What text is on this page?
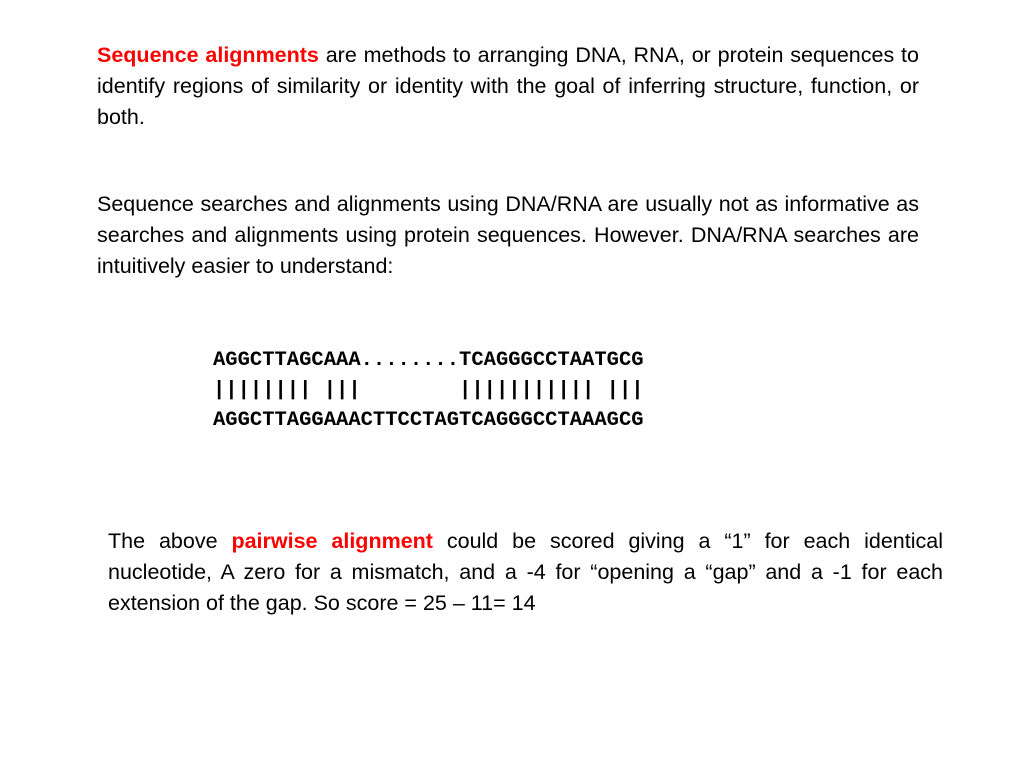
Sequence alignments are methods to arranging DNA, RNA, or protein sequences to identify regions of similarity or identity with the goal of inferring structure, function, or both.

Sequence searches and alignments using DNA/RNA are usually not as informative as searches and alignments using protein sequences. However. DNA/RNA searches are intuitively easier to understand:

AGGCTTAGCAAA........TCAGGGCCTAATGCG
|||||||| |||        ||||||||||| |||
AGGCTTAGGAAACTTCCTAGTCAGGGCCTAAAGCG

The above pairwise alignment could be scored giving a “1” for each identical nucleotide, A zero for a mismatch, and a -4 for “opening a “gap” and a -1 for each extension of the gap. So score = 25 – 11= 14
